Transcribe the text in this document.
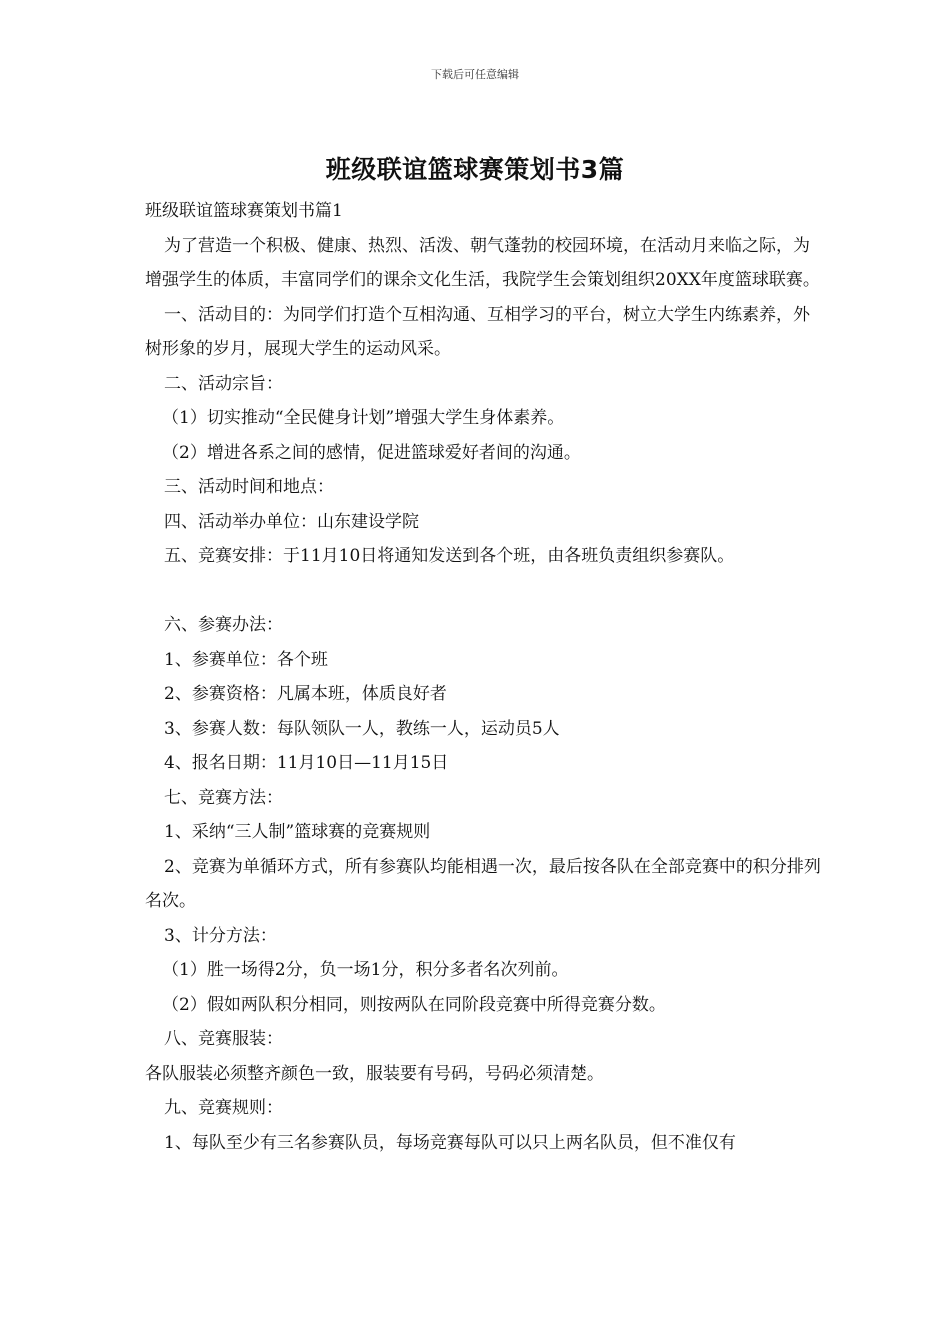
下载后可任意编辑
班级联谊篮球赛策划书3篇

班级联谊篮球赛策划书篇1

为了营造一个积极、健康、热烈、活泼、朝气蓬勃的校园环境，在活动月来临之际，为增强学生的体质，丰富同学们的课余文化生活，我院学生会策划组织20XX年度篮球联赛。

一、活动目的：为同学们打造个互相沟通、互相学习的平台，树立大学生内练素养，外树形象的岁月，展现大学生的运动风采。

二、活动宗旨：

（1）切实推动“全民健身计划”增强大学生身体素养。

（2）增进各系之间的感情，促进篮球爱好者间的沟通。

三、活动时间和地点：

四、活动举办单位：山东建设学院

五、竞赛安排：于11月10日将通知发送到各个班，由各班负责组织参赛队。

六、参赛办法：

1、参赛单位：各个班

2、参赛资格：凡属本班，体质良好者

3、参赛人数：每队领队一人，教练一人，运动员5人

4、报名日期：11月10日—11月15日

七、竞赛方法：

1、采纳“三人制”篮球赛的竞赛规则

2、竞赛为单循环方式，所有参赛队均能相遇一次，最后按各队在全部竞赛中的积分排列名次。

3、计分方法：

（1）胜一场得2分，负一场1分，积分多者名次列前。

（2）假如两队积分相同，则按两队在同阶段竞赛中所得竞赛分数。

八、竞赛服装：

各队服装必须整齐颜色一致，服装要有号码，号码必须清楚。

九、竞赛规则：

1、每队至少有三名参赛队员，每场竞赛每队可以只上两名队员，但不准仅有
